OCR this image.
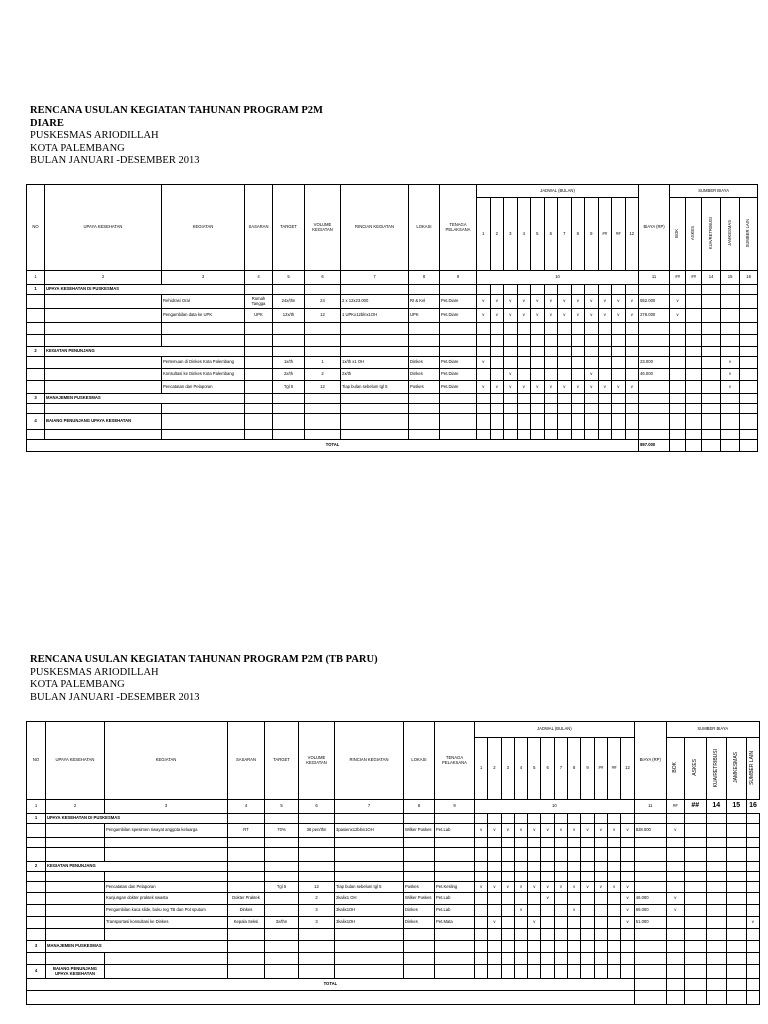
RENCANA USULAN KEGIATAN TAHUNAN PROGRAM P2M
DIARE
PUSKESMAS ARIODILLAH
KOTA PALEMBANG
BULAN JANUARI -DESEMBER 2013
NO	UPAYA KESEHATAN	KEGIATAN	SASARAN	TARGET	VOLUME KEGIATAN	RINCIAN KEGIATAN	LOKASI	TENAGA PELAKSANA	JADWAL (BULAN)												BIAYA (RP)	SUMBER BIAYA				
									1	2	3	4	5	6	7	8	9	##	##	12		BOK	ASKES	KUA/RETRIBUSI	JAMKESMAS	SUMBER LAIN
1	2	3	4	5	6	7	8	9	10												11	##	##	14	15	16
1	UPAYA KESEHATAN DI PUSKESMAS																									
		Rehidrasi Oral	Rumah Tangga	24x/thn	24	2 x 12x23.000	Rt & Kel	Pet.Diare	v	v	v	v	v	v	v	v	v	v	v	v	552.000	v				
		Pengambilan data ke UPK	UPK	12x/th	12	1 UPKx12blnx1OH	UPK	Pet.Diare	v	v	v	v	v	v	v	v	v	v	v	v	276.000	v				

2	KEGIATAN PENUNJANG																									
		Pertemuan di Dinkes Kota Palembang		1x/th	1	1x/th x1 OH	Dinkes	Pet.Diare	v												23.000				v	
		Konsultasi ke Dinkes Kota Palembang		2x/th	2	2x/th	Dinkes	Pet.Diare			v						v				46.000				v	
		Pencatatan dan Pelaporan		Tgl 5	12	Tiap bulan sebelum tgl 5	Puskes	Pet.Diare	v	v	v	v	v	v	v	v	v	v	v	v					v	
3	MANAJEMEN PUSKESMAS																									

4	BAIANG PENUNJANG UPAYA KESEHATAN																									

TOTAL																					897.000					
RENCANA USULAN KEGIATAN TAHUNAN PROGRAM P2M (TB PARU)
PUSKESMAS ARIODILLAH
KOTA PALEMBANG
BULAN JANUARI -DESEMBER 2013
NO	UPAYA KESEHATAN	KEGIATAN	SASARAN	TARGET	VOLUME KEGIATAN	RINCIAN KEGIATAN	LOKASI	TENAGA PELAKSANA	JADWAL (BULAN)												BIAYA (RP)	SUMBER BIAYA					
									1	2	3	4	5	6	7	8	9	##	##	12		BOK	ASKES	KUA/RETRIBUSI	JAMKESMAS	SUMBER LAIN	
1	2	3	4	5	6	7	8	9	10												11	##	##	14	15	16	
1	UPAYA KESEHATAN DI PUSKESMAS																										
		Pengambilan spesimen riwayat anggota keluarga	RT	70%	36 pen/thn	3pasienx12blnx1OH	Wilker Puskes	Pet.Lab	v	v	v	v	v	v	v	v	v	v	v	v	828.000	v					

2	KEGIATAN PENUNJANG																										

		Pencatatan dan Pelaporan		Tgl 5	12	Tiap bulan sebelum tgl 5	Puskes	Pet.Kesling	v	v	v	v	v	v	v	v	v	v	v	v							
		Kunjungan dokter praktek swasta	Dokter Praktek		2	2kalix1 OH	Wilker Puskes	Pet.Lab						v						v	46.000	v					
		Pengambilan kaca slide, buku reg TB dan Pot sputum	Dinkes		3	3kalix1OH	Dinkes	Pet.Lab				v				v				v	69.000	v					
		Transportasi konsultasi ke Dinkes	Kepala Seksi	3x/thn	3	3kalix1OH	Dinkes	Pet.Mata		v			v							v	51.000					v	

3	MANAJEMEN PUSKESMAS																										

4	BAIANG PENUNJANG UPAYA KESEHATAN																										
TOTAL																											
